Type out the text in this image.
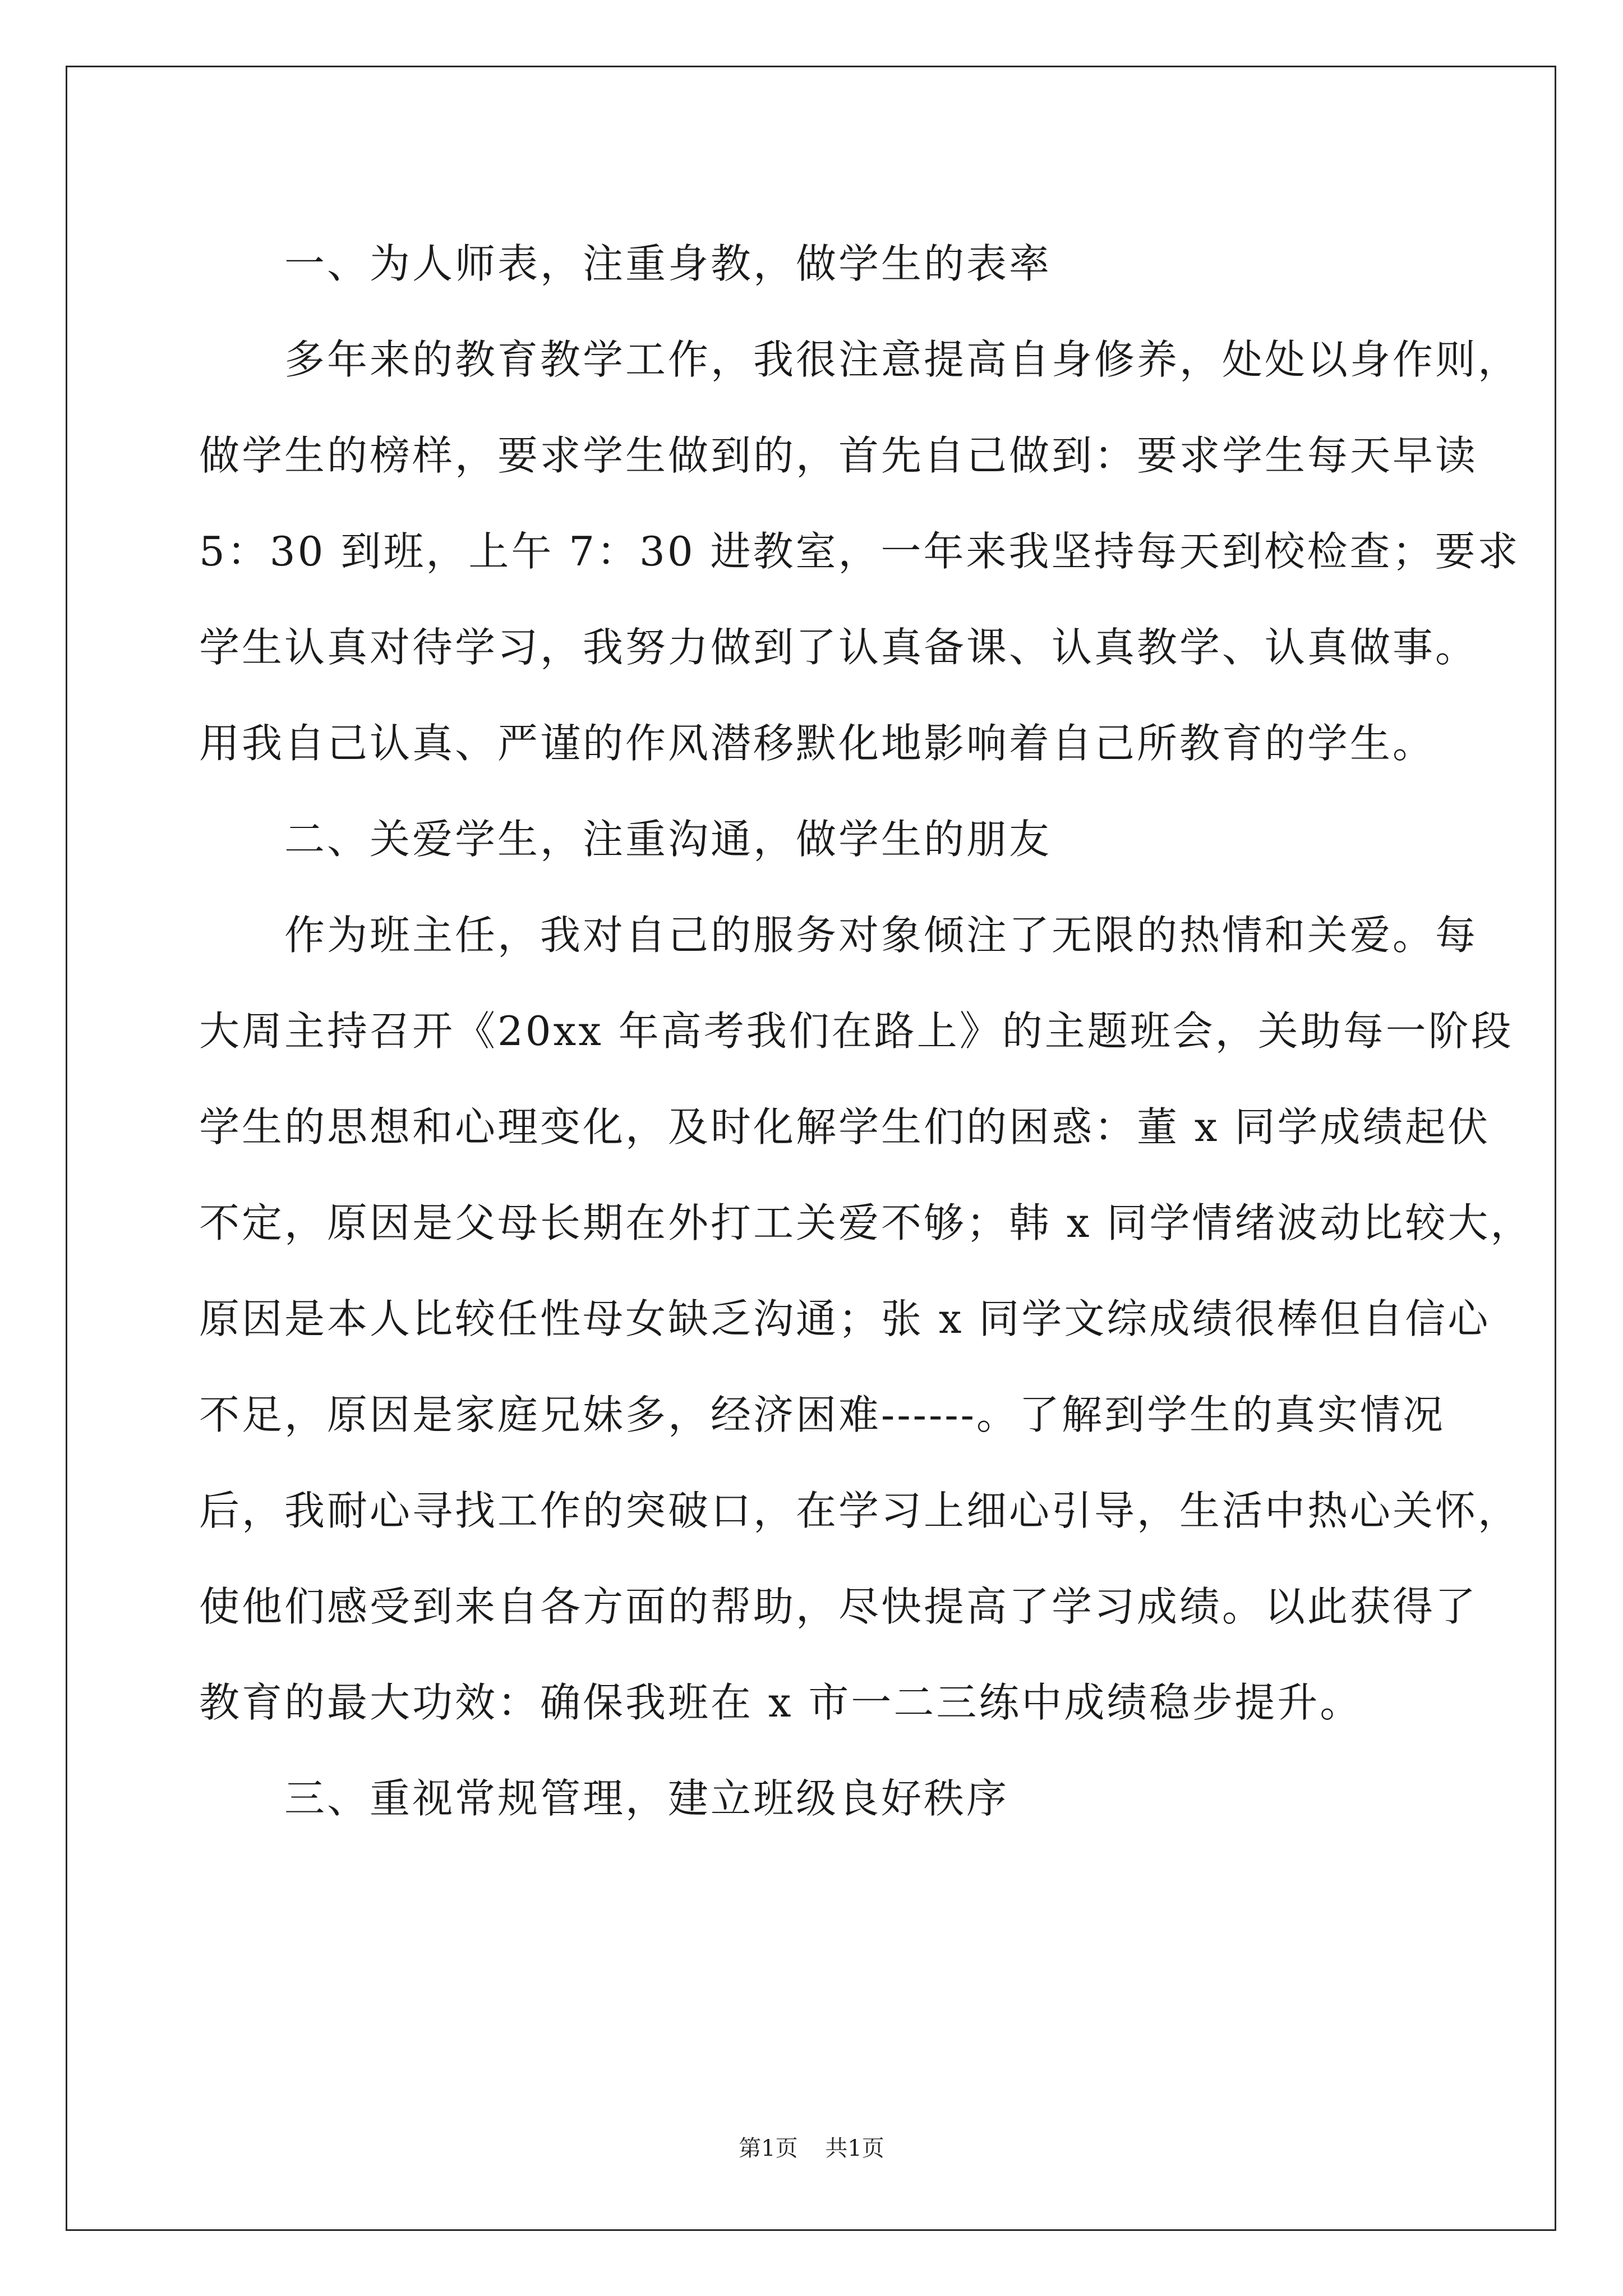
　　一、为人师表，注重身教，做学生的表率
　　多年来的教育教学工作，我很注意提高自身修养，处处以身作则，
做学生的榜样，要求学生做到的，首先自己做到：要求学生每天早读
5：30 到班，上午 7：30 进教室，一年来我坚持每天到校检查；要求
学生认真对待学习，我努力做到了认真备课、认真教学、认真做事。
用我自己认真、严谨的作风潜移默化地影响着自己所教育的学生。
　　二、关爱学生，注重沟通，做学生的朋友
　　作为班主任，我对自己的服务对象倾注了无限的热情和关爱。每
大周主持召开《20xx 年高考我们在路上》的主题班会，关助每一阶段
学生的思想和心理变化，及时化解学生们的困惑：董 x 同学成绩起伏
不定，原因是父母长期在外打工关爱不够；韩 x 同学情绪波动比较大，
原因是本人比较任性母女缺乏沟通；张 x 同学文综成绩很棒但自信心
不足，原因是家庭兄妹多，经济困难------。了解到学生的真实情况
后，我耐心寻找工作的突破口，在学习上细心引导，生活中热心关怀，
使他们感受到来自各方面的帮助，尽快提高了学习成绩。以此获得了
教育的最大功效：确保我班在 x 市一二三练中成绩稳步提升。
　　三、重视常规管理，建立班级良好秩序
第1页 共1页
